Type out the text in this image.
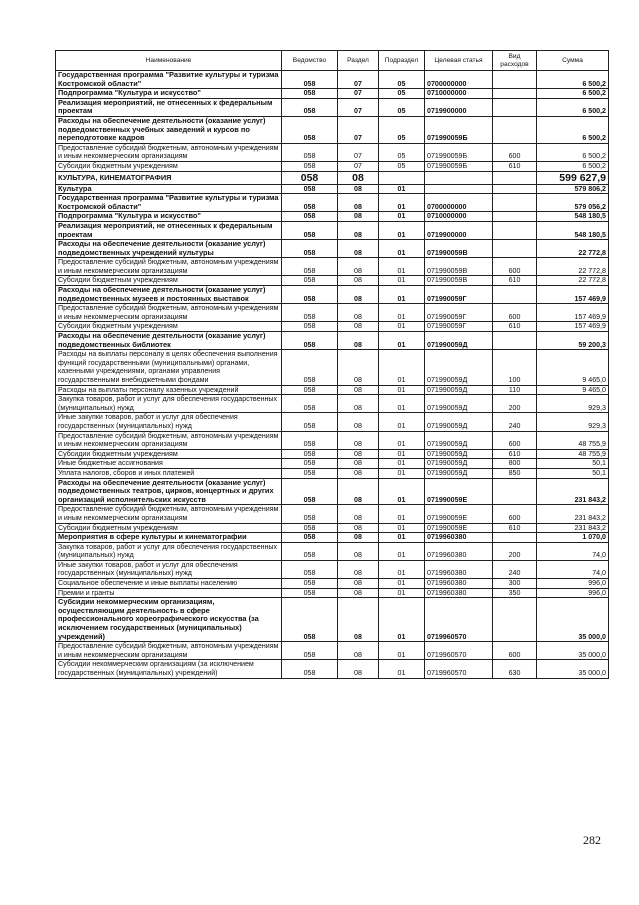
Наименование	Ведомство	Раздел	Подраздел	Целевая статья	Вид расходов	Сумма
Государственная программа "Развитие культуры и туризма Костромской области"	058	07	05	0700000000		6 500,2
Подпрограмма "Культура и искусство"	058	07	05	0710000000		6 500,2
Реализация мероприятий, не отнесенных к федеральным проектам	058	07	05	0719900000		6 500,2
Расходы на обеспечение деятельности (оказание услуг) подведомственных учебных заведений и курсов по переподготовке кадров	058	07	05	071990059Б		6 500,2
Предоставление субсидий бюджетным, автономным учреждениям и иным некоммерческим организациям	058	07	05	071990059Б	600	6 500,2
Субсидии бюджетным учреждениям	058	07	05	071990059Б	610	6 500,2
КУЛЬТУРА, КИНЕМАТОГРАФИЯ	058	08				599 627,9
Культура	058	08	01			579 806,2
Государственная программа "Развитие культуры и туризма Костромской области"	058	08	01	0700000000		579 056,2
Подпрограмма "Культура и искусство"	058	08	01	0710000000		548 180,5
Реализация мероприятий, не отнесенных к федеральным проектам	058	08	01	0719900000		548 180,5
Расходы на обеспечение деятельности (оказание услуг) подведомственных учреждений культуры	058	08	01	071990059В		22 772,8
Предоставление субсидий бюджетным, автономным учреждениям и иным некоммерческим организациям	058	08	01	071990059В	600	22 772,8
Субсидии бюджетным учреждениям	058	08	01	071990059В	610	22 772,8
Расходы на обеспечение деятельности (оказание услуг) подведомственных музеев и постоянных выставок	058	08	01	071990059Г		157 469,9
Предоставление субсидий бюджетным, автономным учреждениям и иным некоммерческим организациям	058	08	01	071990059Г	600	157 469,9
Субсидии бюджетным учреждениям	058	08	01	071990059Г	610	157 469,9
Расходы на обеспечение деятельности (оказание услуг) подведомственных библиотек	058	08	01	071990059Д		59 200,3
Расходы на выплаты персоналу в целях обеспечения выполнения функций государственными (муниципальными) органами, казенными учреждениями, органами управления государственными внебюджетными фондами	058	08	01	071990059Д	100	9 465,0
Расходы на выплаты персоналу казенных учреждений	058	08	01	071990059Д	110	9 465,0
Закупка товаров, работ и услуг для обеспечения государственных (муниципальных) нужд	058	08	01	071990059Д	200	929,3
Иные закупки товаров, работ и услуг для обеспечения государственных (муниципальных) нужд	058	08	01	071990059Д	240	929,3
Предоставление субсидий бюджетным, автономным учреждениям и иным некоммерческим организациям	058	08	01	071990059Д	600	48 755,9
Субсидии бюджетным учреждениям	058	08	01	071990059Д	610	48 755,9
Иные бюджетные ассигнования	058	08	01	071990059Д	800	50,1
Уплата налогов, сборов и иных платежей	058	08	01	071990059Д	850	50,1
Расходы на обеспечение деятельности (оказание услуг) подведомственных театров, цирков, концертных и других организаций исполнительских искусств	058	08	01	071990059Е		231 843,2
Предоставление субсидий бюджетным, автономным учреждениям и иным некоммерческим организациям	058	08	01	071990059Е	600	231 843,2
Субсидии бюджетным учреждениям	058	08	01	071990059Е	610	231 843,2
Мероприятия в сфере культуры и кинематографии	058	08	01	0719960380		1 070,0
Закупка товаров, работ и услуг для обеспечения государственных (муниципальных) нужд	058	08	01	0719960380	200	74,0
Иные закупки товаров, работ и услуг для обеспечения государственных (муниципальных) нужд	058	08	01	0719960380	240	74,0
Социальное обеспечение и иные выплаты населению	058	08	01	0719960380	300	996,0
Премии и гранты	058	08	01	0719960380	350	996,0
Субсидии некоммерческим организациям, осуществляющим деятельность в сфере профессионального хореографического искусства (за исключением государственных (муниципальных) учреждений)	058	08	01	0719960570		35 000,0
Предоставление субсидий бюджетным, автономным учреждениям и иным некоммерческим организациям	058	08	01	0719960570	600	35 000,0
Субсидии некоммерческим организациям (за исключением государственных (муниципальных) учреждений)	058	08	01	0719960570	630	35 000,0
282
